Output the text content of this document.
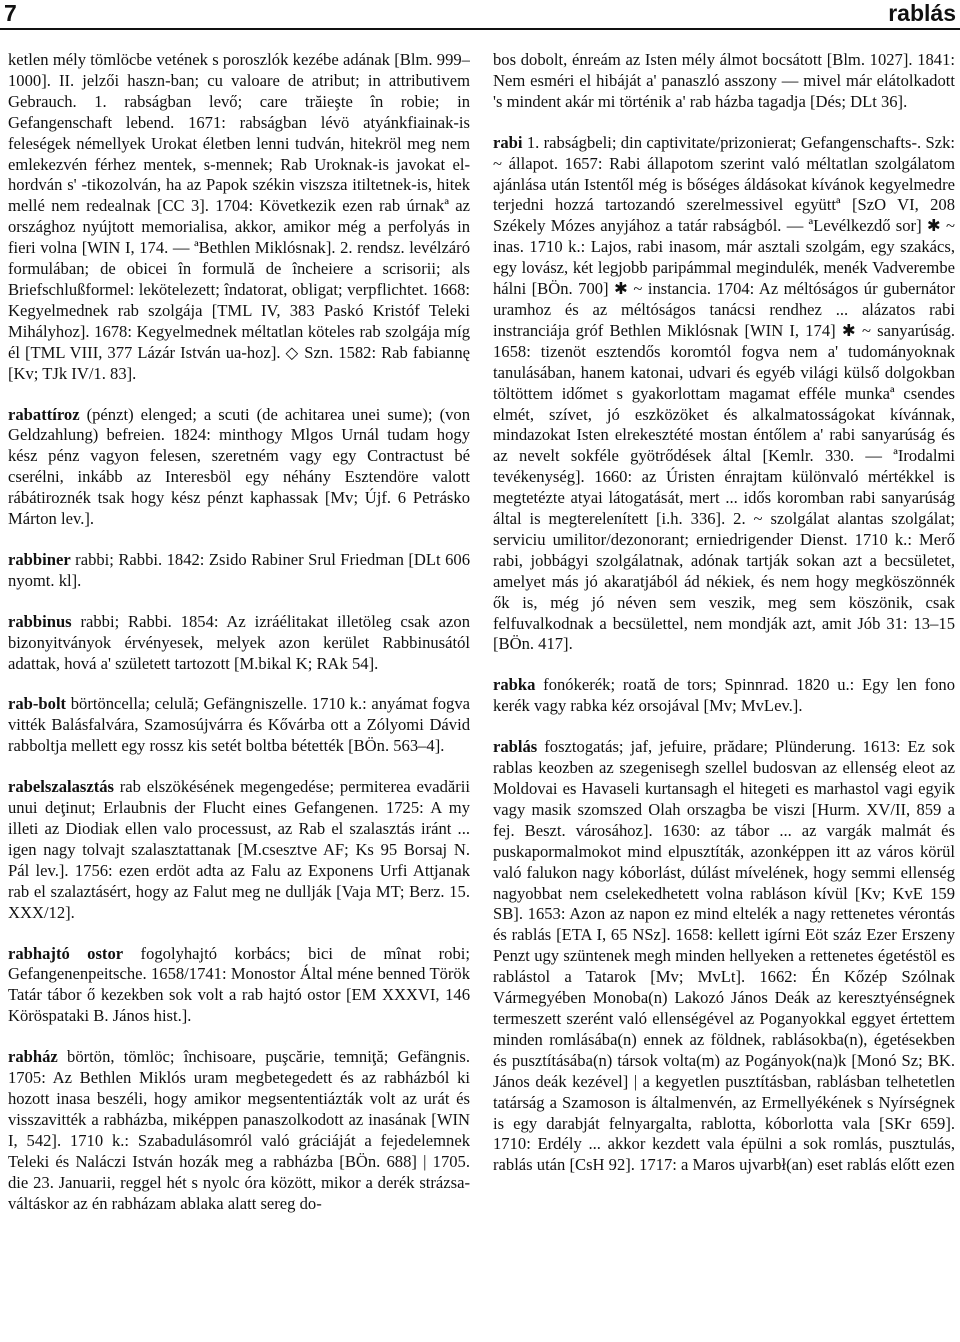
7	rablás

ketlen mély tömlöcbe vetének s poroszlók kezébe adának [Blm. 999–1000]. II. jelzői haszn-ban; cu valoare de atribut; in attributivem Gebrauch. 1. rabságban levő; care trăieşte în robie; in Gefangenschaft lebend. 1671: rabságban lévö atyánkfiainak-is feleségek némellyek Urokat életben lenni tudván, hitekröl meg nem emlekezvén férhez mentek, s-mennek; Rab Uroknak-is javokat el-hordván s' -tikozolván, ha az Papok székin viszsza itiltetnek-is, hitek mellé nem redealnak [CC 3]. 1704: Következik ezen rab úrnakª az országhoz nyújtott memorialisa, akkor, amikor még a perfolyás in fieri volna [WIN I, 174. — ªBethlen Miklósnak]. 2. rendsz. levélzáró formulában; de obicei în formulă de încheiere a scrisorii; als Briefschlußformel: lekötelezett; îndatorat, obligat; verpflichtet. 1668: Kegyelmednek rab szolgája [TML IV, 383 Paskó Kristóf Teleki Mihályhoz]. 1678: Kegyelmednek méltatlan köteles rab szolgája míg él [TML VIII, 377 Lázár István ua-hoz]. ◇ Szn. 1582: Rab fabiannę [Kv; TJk IV/1. 83].

rabattíroz (pénzt) elenged; a scuti (de achitarea unei sume); (von Geldzahlung) befreien. 1824: minthogy Mlgos Urnál tudam hogy kész pénz vagyon felesen, szeretném vagy egy Contractust bé cserélni, inkább az Interesböl egy néhány Esztendöre valott rábátiroznék tsak hogy kész pénzt kaphassak [Mv; Újf. 6 Petrásko Márton lev.].

rabbiner rabbi; Rabbi. 1842: Zsido Rabiner Srul Friedman [DLt 606 nyomt. kl].

rabbinus rabbi; Rabbi. 1854: Az izráélitakat illetöleg csak azon bizonyitványok érvényesek, melyek azon kerület Rabbinusától adattak, hová a' született tartozott [M.bikal K; RAk 54].

rab-bolt börtöncella; celulă; Gefängniszelle. 1710 k.: anyámat fogva vitték Balásfalvára, Szamosújvárra és Kővárba ott a Zólyomi Dávid rabboltja mellett egy rossz kis setét boltba bétették [BÖn. 563–4].

rabelszalasztás rab elszökésének megengedése; permiterea evadării unui deţinut; Erlaubnis der Flucht eines Gefangenen. 1725: A my illeti az Diodiak ellen valo processust, az Rab el szalasztás iránt ... igen nagy tolvajt szalasztattanak [M.csesztve AF; Ks 95 Borsaj N. Pál lev.]. 1756: ezen erdöt adta az Falu az Exponens Urfi Attjanak rab el szalaztásért, hogy az Falut meg ne dullják [Vaja MT; Berz. 15. XXX/12].

rabhajtó ostor fogolyhajtó korbács; bici de mînat robi; Gefangenenpeitsche. 1658/1741: Monostor Által méne benned Török Tatár tábor ő kezekben sok volt a rab hajtó ostor [EM XXXVI, 146 Köröspataki B. János hist.].

rabház börtön, tömlöc; închisoare, puşcărie, temniţă; Gefängnis. 1705: Az Bethlen Miklós uram megbetegedett és az rabházból ki hozott inasa beszéli, hogy amikor megsententiázták volt az urát és visszavitték a rabházba, miképpen panaszolkodott az inasának [WIN I, 542]. 1710 k.: Szabadulásomról való gráciáját a fejedelemnek Teleki és Naláczi István hozák meg a rabházba [BÖn. 688] | 1705. die 23. Januarii, reggel hét s nyolc óra között, mikor a derék strázsa-váltáskor az én rabházam ablaka alatt sereg do-

bos dobolt, énreám az Isten mély álmot bocsátott [Blm. 1027]. 1841: Nem esméri el hibáját a' panaszló asszony — mivel már elátolkadott 's mindent akár mi történik a' rab házba tagadja [Dés; DLt 36].

rabi 1. rabságbeli; din captivitate/prizonierat; Gefangenschafts-. Szk: ~ állapot. 1657: Rabi állapotom szerint való méltatlan szolgálatom ajánlása után Istentől még is bőséges áldásokat kívánok kegyelmedre terjedni hozzá tartozandó szerelmessivel együttª [SzO VI, 208 Székely Mózes anyjához a tatár rabságból. — ªLevélkezdő sor] ✱ ~ inas. 1710 k.: Lajos, rabi inasom, már asztali szolgám, egy szakács, egy lovász, két legjobb paripámmal megindulék, menék Vadverembe hálni [BÖn. 700] ✱ ~ instancia. 1704: Az méltóságos úr gubernátor uramhoz és az méltóságos tanácsi rendhez ... alázatos rabi instranciája gróf Bethlen Miklósnak [WIN I, 174] ✱ ~ sanyarúság. 1658: tizenöt esztendős koromtól fogva nem a' tudományoknak tanulásában, hanem katonai, udvari és egyéb világi külső dolgokban töltöttem időmet s gyakorlottam magamat efféle munkaª csendes elmét, szívet, jó eszközöket és alkalmatosságokat kívánnak, mindazokat Isten elrekesztété mostan éntőlem a' rabi sanyarúság és az nevelt sokféle gyötrődések által [Kemlr. 330. — ªIrodalmi tevékenység]. 1660: az Úristen énrajtam különvaló mértékkel is megtetézte atyai látogatását, mert ... idős koromban rabi sanyarúság által is megterelenített [i.h. 336]. 2. ~ szolgálat alantas szolgálat; serviciu umilitor/dezonorant; erniedrigender Dienst. 1710 k.: Merő rabi, jobbágyi szolgálatnak, adónak tartják sokan azt a becsületet, amelyet más jó akaratjából ád nékiek, és nem hogy megköszönnék ők is, még jó néven sem veszik, meg sem köszönik, csak felfuvalkodnak a becsülettel, nem mondják azt, amit Jób 31: 13–15 [BÖn. 417].

rabka fonókerék; roată de tors; Spinnrad. 1820 u.: Egy len fono kerék vagy rabka kéz orsojával [Mv; MvLev.].

rablás fosztogatás; jaf, jefuire, prădare; Plünderung. 1613: Ez sok rablas keozben az szegenisegh szellel budosvan az ellenség eleot az Moldovai es Havaseli kurtansagh el hitegeti es marhastol vagi egyik vagy masik szomszed Olah orszagba be viszi [Hurm. XV/II, 859 a fej. Beszt. városához]. 1630: az tábor ... az vargák malmát és puskapormalmokot mind elpusztíták, azonképpen itt az város körül való falukon nagy kóborlást, dúlást mívelének, hogy semmi ellenség nagyobbat nem cselekedhetett volna rabláson kívül [Kv; KvE 159 SB]. 1653: Azon az napon ez mind eltelék a nagy rettenetes vérontás és rablás [ETA I, 65 NSz]. 1658: kellett igírni Eöt száz Ezer Erszeny Penzt ugy szüntenek megh minden hellyeken a rettenetes égetéstöl es rablástol a Tatarok [Mv; MvLt]. 1662: Én Kőzép Szólnak Vármegyében Monoba(n) Lakozó János Deák az keresztyénségnek termeszett szerént való ellenségével az Poganyokkal eggyet értettem minden romlásába(n) ennek az földnek, rablásokba(n), égetésekben és pusztításába(n) társok volta(m) az Pogányok(na)k [Monó Sz; BK. János deák kezével] | a kegyetlen pusztításban, rablásban telhetetlen tatárság a Szamoson is általmenvén, az Ermellyékének s Nyírségnek is egy darabját felnyargalta, rablotta, kóborlotta vala [SKr 659]. 1710: Erdély ... akkor kezdett vala épülni a sok romlás, pusztulás, rablás után [CsH 92]. 1717: a Maros ujvarbł(an) eset rablás előtt ezen
